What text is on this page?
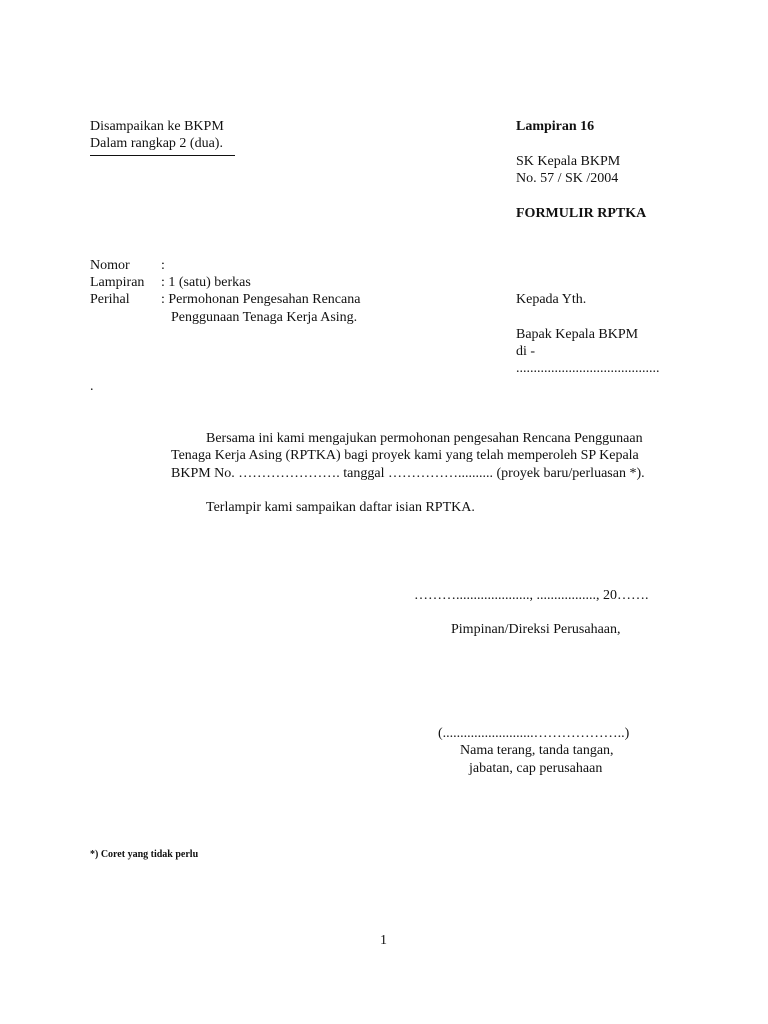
Disampaikan ke BKPM
Dalam rangkap 2 (dua).
Lampiran 16
SK Kepala BKPM
No. 57 / SK /2004
FORMULIR RPTKA
Nomor :
Lampiran : 1 (satu) berkas
Perihal : Permohonan Pengesahan Rencana
Penggunaan Tenaga Kerja Asing.
Kepada Yth.
Bapak Kepala BKPM
di -
.........................................
.
Bersama ini kami mengajukan permohonan pengesahan Rencana Penggunaan
Tenaga Kerja Asing (RPTKA) bagi proyek kami yang telah memperoleh SP Kepala
BKPM No. …………………. tanggal …………….......... (proyek baru/perluasan *).
Terlampir kami sampaikan daftar isian RPTKA.
………....................., ................., 20…….
Pimpinan/Direksi Perusahaan,
(..........................………………..)
Nama terang, tanda tangan,
jabatan, cap perusahaan
*) Coret yang tidak perlu
1
